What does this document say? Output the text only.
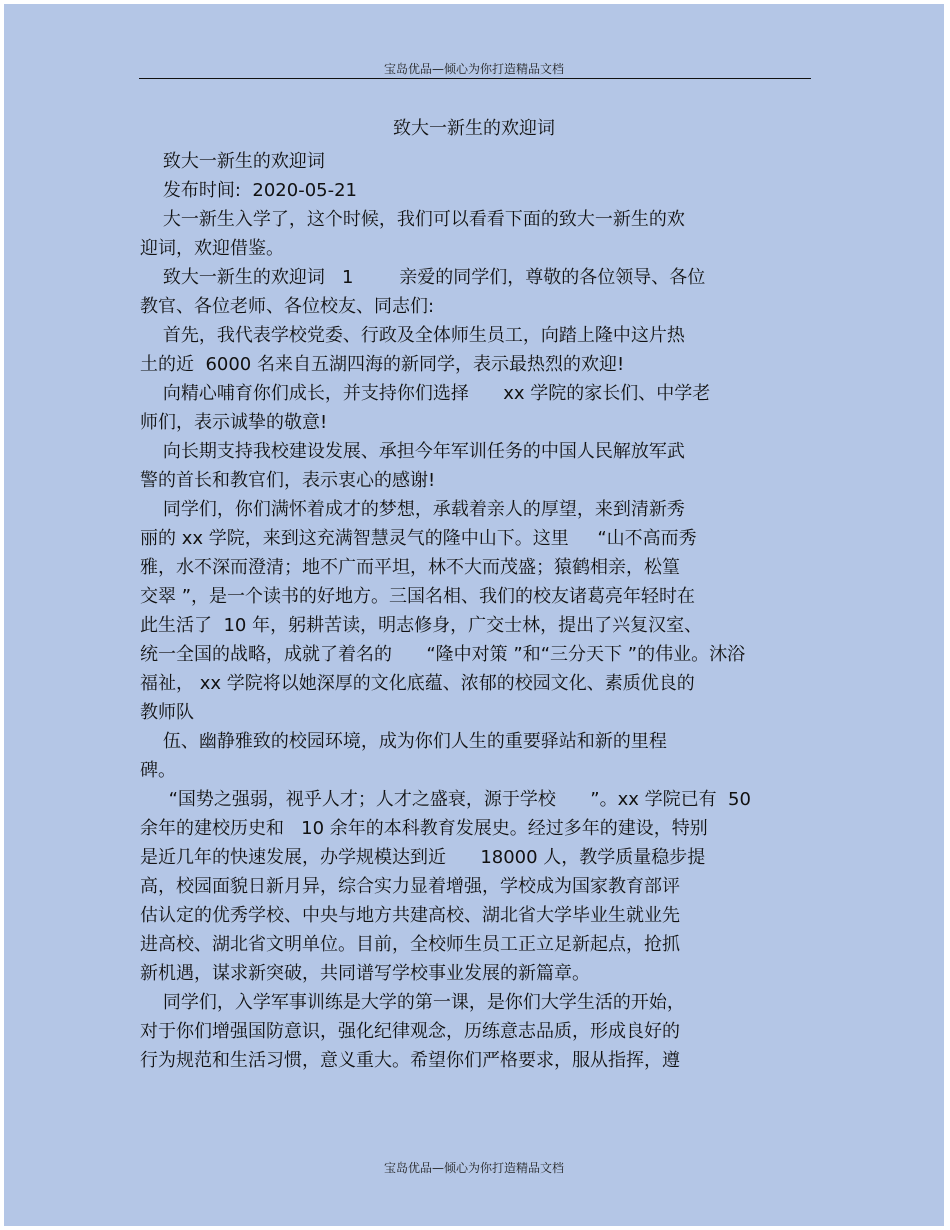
宝岛优品—倾心为你打造精品文档
致大一新生的欢迎词
致大一新生的欢迎词
发布时间:  2020-05-21
大一新生入学了，这个时候，我们可以看看下面的致大一新生的欢
迎词，欢迎借鉴。
致大一新生的欢迎词   1        亲爱的同学们，尊敬的各位领导、各位
教官、各位老师、各位校友、同志们:
首先，我代表学校党委、行政及全体师生员工，向踏上隆中这片热
土的近  6000 名来自五湖四海的新同学，表示最热烈的欢迎!
向精心哺育你们成长，并支持你们选择      xx 学院的家长们、中学老
师们，表示诚挚的敬意!
向长期支持我校建设发展、承担今年军训任务的中国人民解放军武
警的首长和教官们，表示衷心的感谢!
同学们，你们满怀着成才的梦想，承载着亲人的厚望，来到清新秀
丽的 xx 学院，来到这充满智慧灵气的隆中山下。这里     “山不高而秀
雅，水不深而澄清；地不广而平坦，林不大而茂盛；猿鹤相亲，松篁
交翠 ”，是一个读书的好地方。三国名相、我们的校友诸葛亮年轻时在
此生活了  10 年，躬耕苦读，明志修身，广交士林，提出了兴复汉室、
统一全国的战略，成就了着名的      “隆中对策 ”和“三分天下 ”的伟业。沐浴
福祉， xx 学院将以她深厚的文化底蕴、浓郁的校园文化、素质优良的
教师队
伍、幽静雅致的校园环境，成为你们人生的重要驿站和新的里程
碑。
“国势之强弱，视乎人才；人才之盛衰，源于学校      ”。xx 学院已有  50
余年的建校历史和   10 余年的本科教育发展史。经过多年的建设，特别
是近几年的快速发展，办学规模达到近      18000 人，教学质量稳步提
高，校园面貌日新月异，综合实力显着增强，学校成为国家教育部评
估认定的优秀学校、中央与地方共建高校、湖北省大学毕业生就业先
进高校、湖北省文明单位。目前，全校师生员工正立足新起点，抢抓
新机遇，谋求新突破，共同谱写学校事业发展的新篇章。
同学们，入学军事训练是大学的第一课，是你们大学生活的开始，
对于你们增强国防意识，强化纪律观念，历练意志品质，形成良好的
行为规范和生活习惯，意义重大。希望你们严格要求，服从指挥，遵
宝岛优品—倾心为你打造精品文档
